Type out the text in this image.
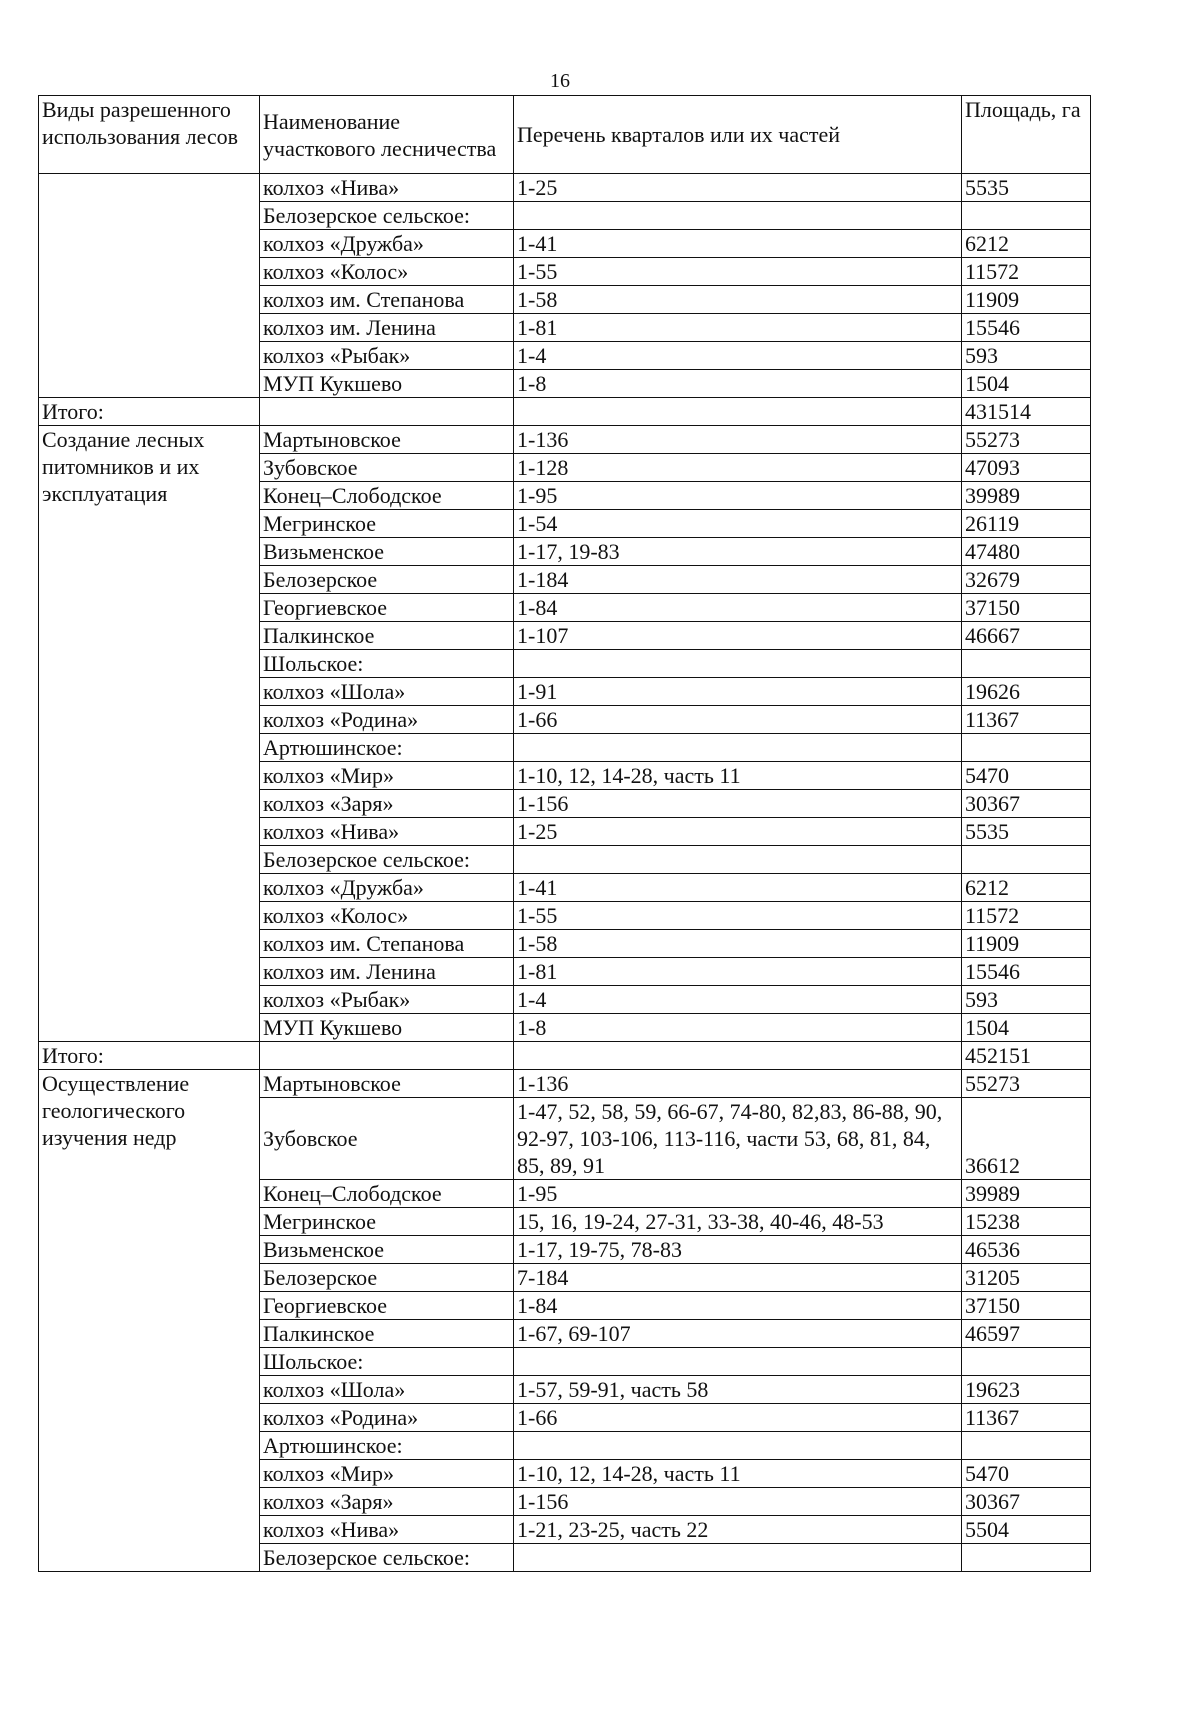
16
Виды разрешенного использования лесов	Наименование участкового лесничества	Перечень кварталов или их частей	Площадь, га
	колхоз «Нива»	1-25	5535
	Белозерское сельское:		
	колхоз «Дружба»	1-41	6212
	колхоз «Колос»	1-55	11572
	колхоз им. Степанова	1-58	11909
	колхоз им. Ленина	1-81	15546
	колхоз «Рыбак»	1-4	593
	МУП Кукшево	1-8	1504
Итого:			431514
Создание лесных питомников и их эксплуатация	Мартыновское	1-136	55273
	Зубовское	1-128	47093
	Конец–Слободское	1-95	39989
	Мегринское	1-54	26119
	Визьменское	1-17, 19-83	47480
	Белозерское	1-184	32679
	Георгиевское	1-84	37150
	Палкинское	1-107	46667
	Шольское:		
	колхоз «Шола»	1-91	19626
	колхоз «Родина»	1-66	11367
	Артюшинское:		
	колхоз «Мир»	1-10, 12, 14-28, часть 11	5470
	колхоз «Заря»	1-156	30367
	колхоз «Нива»	1-25	5535
	Белозерское сельское:		
	колхоз «Дружба»	1-41	6212
	колхоз «Колос»	1-55	11572
	колхоз им. Степанова	1-58	11909
	колхоз им. Ленина	1-81	15546
	колхоз «Рыбак»	1-4	593
	МУП Кукшево	1-8	1504
Итого:			452151
Осуществление геологического изучения недр	Мартыновское	1-136	55273
	Зубовское	1-47, 52, 58, 59, 66-67, 74-80, 82,83, 86-88, 90, 92-97, 103-106, 113-116, части 53, 68, 81, 84, 85, 89, 91	36612
	Конец–Слободское	1-95	39989
	Мегринское	15, 16, 19-24, 27-31, 33-38, 40-46, 48-53	15238
	Визьменское	1-17, 19-75, 78-83	46536
	Белозерское	7-184	31205
	Георгиевское	1-84	37150
	Палкинское	1-67, 69-107	46597
	Шольское:		
	колхоз «Шола»	1-57, 59-91, часть 58	19623
	колхоз «Родина»	1-66	11367
	Артюшинское:		
	колхоз «Мир»	1-10, 12, 14-28, часть 11	5470
	колхоз «Заря»	1-156	30367
	колхоз «Нива»	1-21, 23-25, часть 22	5504
	Белозерское сельское:		
